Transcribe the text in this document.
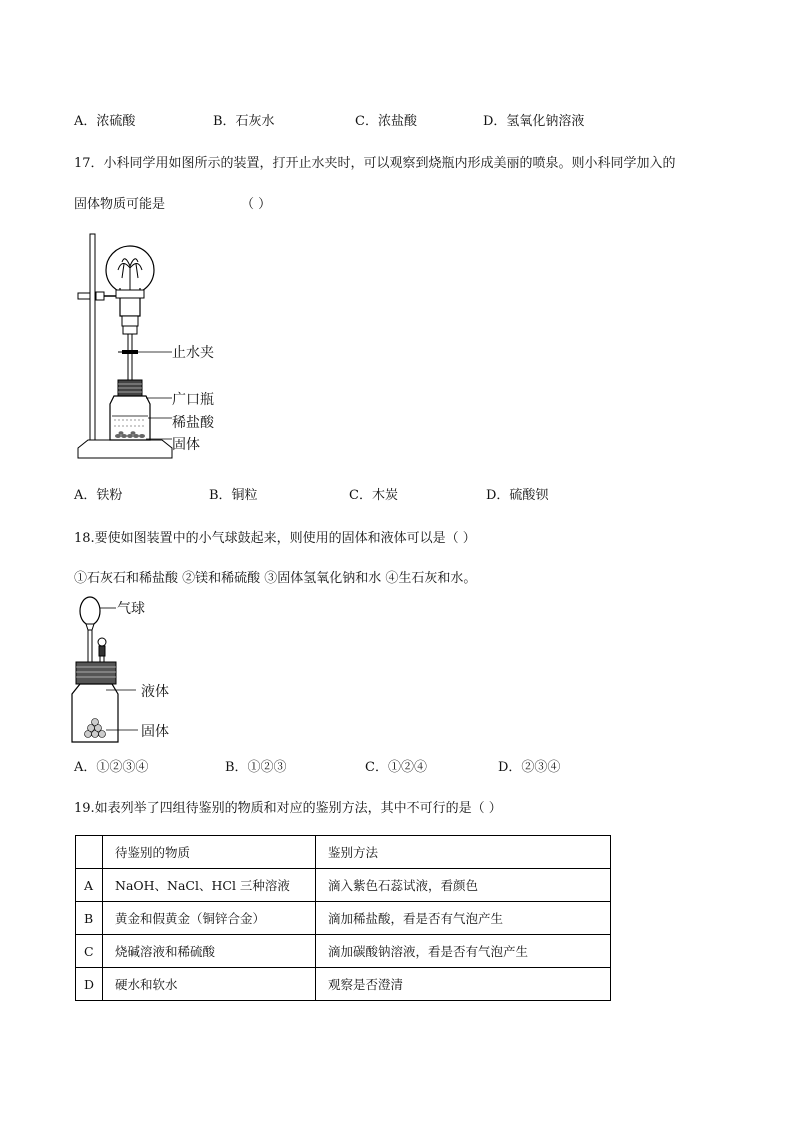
A．浓硫酸	B．石灰水	C．浓盐酸	D．氢氧化钠溶液
17．小科同学用如图所示的装置，打开止水夹时，可以观察到烧瓶内形成美丽的喷泉。则小科同学加入的
固体物质可能是	（ ）
止水夹
广口瓶
稀盐酸
固体
A．铁粉	B．铜粒	C．木炭	D．硫酸钡
18.要使如图装置中的小气球鼓起来，则使用的固体和液体可以是（ ）
①石灰石和稀盐酸 ②镁和稀硫酸 ③固体氢氧化钠和水 ④生石灰和水。
气球
液体
固体
A．①②③④	B．①②③	C．①②④	D．②③④
19.如表列举了四组待鉴别的物质和对应的鉴别方法，其中不可行的是（ ）
	待鉴别的物质	鉴别方法
A	NaOH、NaCl、HCl 三种溶液	滴入紫色石蕊试液，看颜色
B	黄金和假黄金（铜锌合金）	滴加稀盐酸，看是否有气泡产生
C	烧碱溶液和稀硫酸	滴加碳酸钠溶液，看是否有气泡产生
D	硬水和软水	观察是否澄清
